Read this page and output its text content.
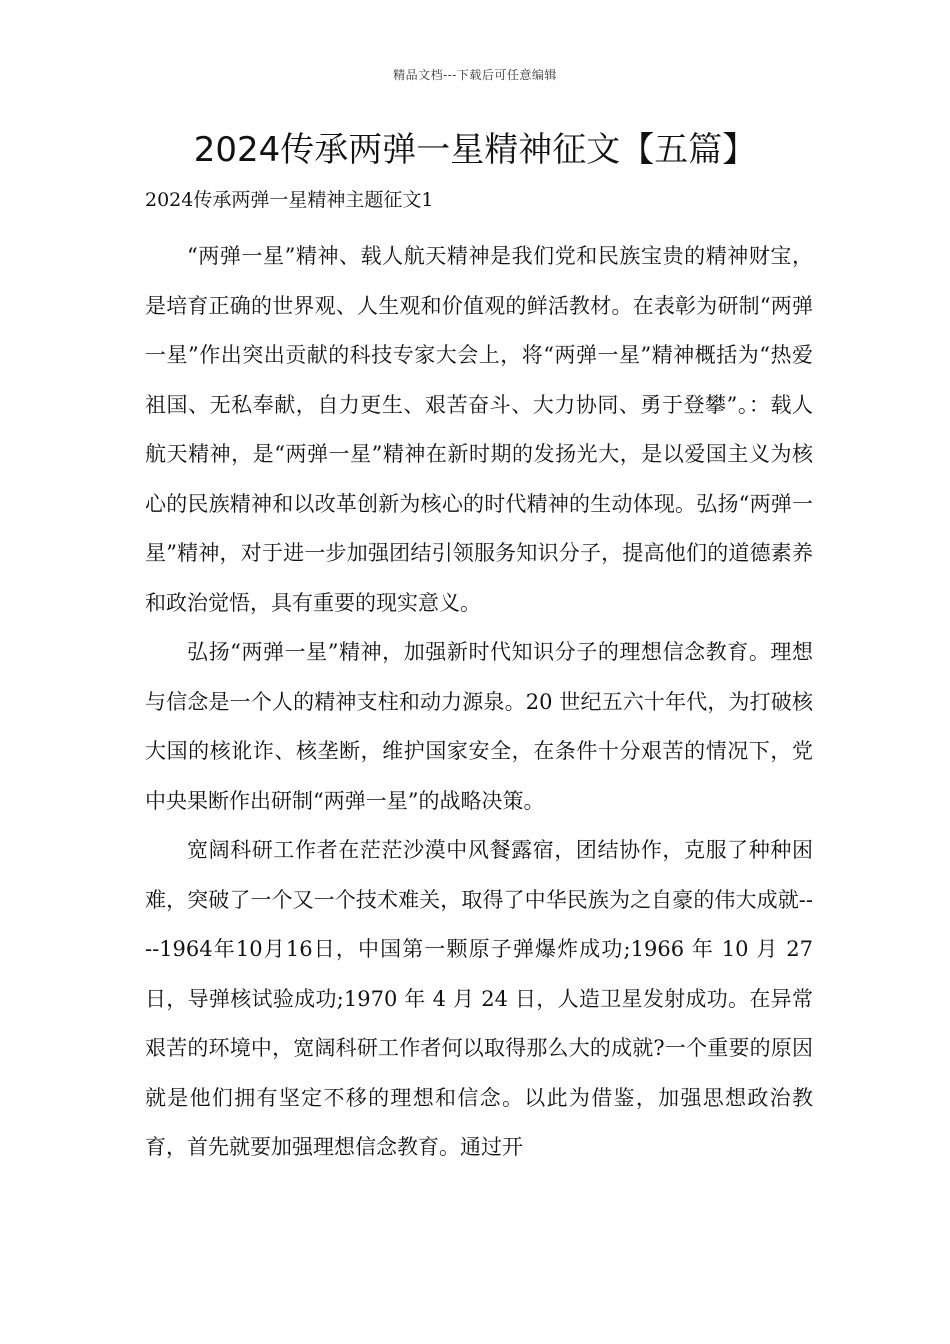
精品文档---下载后可任意编辑
2024传承两弹一星精神征文【五篇】
2024传承两弹一星精神主题征文1

“两弹一星”精神、载人航天精神是我们党和民族宝贵的精神财宝，是培育正确的世界观、人生观和价值观的鲜活教材。在表彰为研制“两弹一星”作出突出贡献的科技专家大会上，将“两弹一星”精神概括为“热爱祖国、无私奉献，自力更生、艰苦奋斗、大力协同、勇于登攀”。：载人航天精神，是“两弹一星”精神在新时期的发扬光大，是以爱国主义为核心的民族精神和以改革创新为核心的时代精神的生动体现。弘扬“两弹一星”精神，对于进一步加强团结引领服务知识分子，提高他们的道德素养和政治觉悟，具有重要的现实意义。

弘扬“两弹一星”精神，加强新时代知识分子的理想信念教育。理想与信念是一个人的精神支柱和动力源泉。20 世纪五六十年代，为打破核大国的核讹诈、核垄断，维护国家安全，在条件十分艰苦的情况下，党中央果断作出研制“两弹一星”的战略决策。

宽阔科研工作者在茫茫沙漠中风餐露宿，团结协作，克服了种种困难，突破了一个又一个技术难关，取得了中华民族为之自豪的伟大成就----1964年10月16日，中国第一颗原子弹爆炸成功;1966 年 10 月 27 日，导弹核试验成功;1970 年 4 月 24 日，人造卫星发射成功。在异常艰苦的环境中，宽阔科研工作者何以取得那么大的成就?一个重要的原因就是他们拥有坚定不移的理想和信念。以此为借鉴，加强思想政治教育，首先就要加强理想信念教育。通过开
